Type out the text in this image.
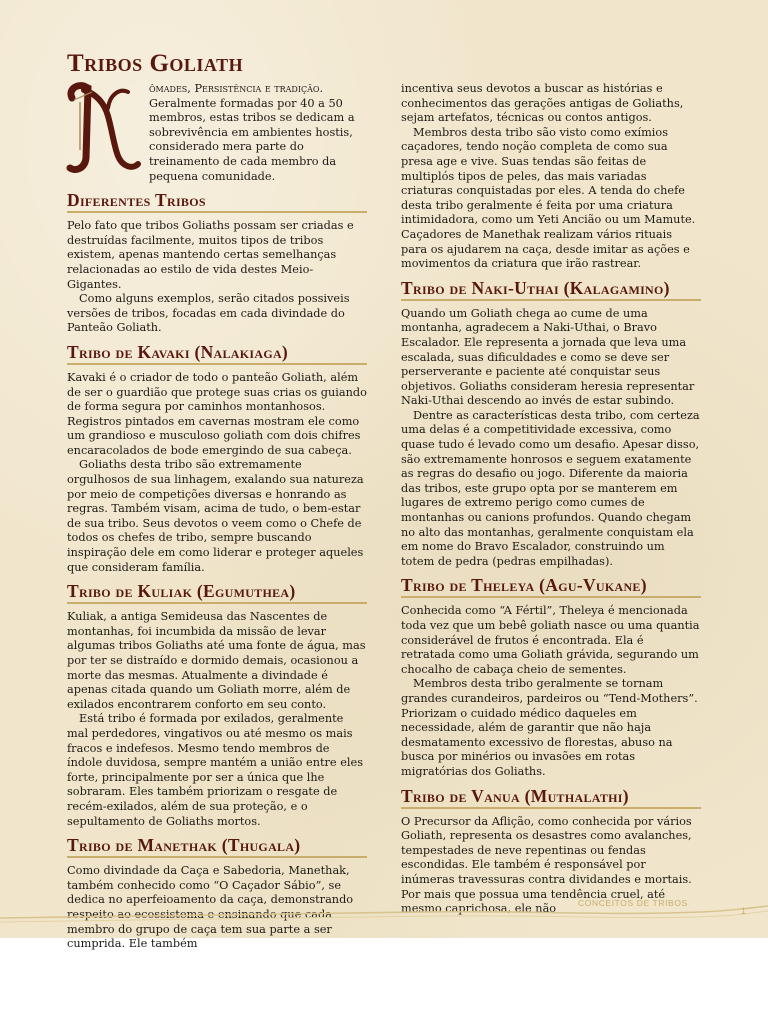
Tribos Goliath
ômades, Persistência e tradição. Geralmente formadas por 40 a 50 membros, estas tribos se dedicam a sobrevivência em ambientes hostis, considerado mera parte do treinamento de cada membro da pequena comunidade.
Diferentes Tribos

Pelo fato que tribos Goliaths possam ser criadas e destruídas facilmente, muitos tipos de tribos existem, apenas mantendo certas semelhanças relacionadas ao estilo de vida destes Meio-Gigantes.

Como alguns exemplos, serão citados possiveis versões de tribos, focadas em cada divindade do Panteão Goliath.

Tribo de Kavaki (Nalakiaga)

Kavaki é o criador de todo o panteão Goliath, além de ser o guardião que protege suas crias os guiando de forma segura por caminhos montanhosos. Registros pintados em cavernas mostram ele como um grandioso e musculoso goliath com dois chifres encaracolados de bode emergindo de sua cabeça.

Goliaths desta tribo são extremamente orgulhosos de sua linhagem, exalando sua natureza por meio de competições diversas e honrando as regras. Também visam, acima de tudo, o bem-estar de sua tribo. Seus devotos o veem como o Chefe de todos os chefes de tribo, sempre buscando inspiração dele em como liderar e proteger aqueles que consideram família.

Tribo de Kuliak (Egumuthea)

Kuliak, a antiga Semideusa das Nascentes de montanhas, foi incumbida da missão de levar algumas tribos Goliaths até uma fonte de água, mas por ter se distraído e dormido demais, ocasionou a morte das mesmas. Atualmente a divindade é apenas citada quando um Goliath morre, além de exilados encontrarem conforto em seu conto.

Está tribo é formada por exilados, geralmente mal perdedores, vingativos ou até mesmo os mais fracos e indefesos. Mesmo tendo membros de índole duvidosa, sempre mantém a união entre eles forte, principalmente por ser a única que lhe sobraram. Eles também priorizam o resgate de recém-exilados, além de sua proteção, e o sepultamento de Goliaths mortos.

Tribo de Manethak (Thugala)

Como divindade da Caça e Sabedoria, Manethak, também conhecido como “O Caçador Sábio”, se dedica no aperfeioamento da caça, demonstrando respeito ao ecossistema e ensinando que cada membro do grupo de caça tem sua parte a ser cumprida. Ele também

incentiva seus devotos a buscar as histórias e conhecimentos das gerações antigas de Goliaths, sejam artefatos, técnicas ou contos antigos.

Membros desta tribo são visto como exímios caçadores, tendo noção completa de como sua presa age e vive. Suas tendas são feitas de multiplós tipos de peles, das mais variadas criaturas conquistadas por eles. A tenda do chefe desta tribo geralmente é feita por uma criatura intimidadora, como um Yeti Ancião ou um Mamute. Caçadores de Manethak realizam vários rituais para os ajudarem na caça, desde imitar as ações e movimentos da criatura que irão rastrear.

Tribo de Naki-Uthai (Kalagamino)

Quando um Goliath chega ao cume de uma montanha, agradecem a Naki-Uthai, o Bravo Escalador. Ele representa a jornada que leva uma escalada, suas dificuldades e como se deve ser perserverante e paciente até conquistar seus objetivos. Goliaths consideram heresia representar Naki-Uthai descendo ao invés de estar subindo.

Dentre as características desta tribo, com certeza uma delas é a competitividade excessiva, como quase tudo é levado como um desafio. Apesar disso, são extremamente honrosos e seguem exatamente as regras do desafio ou jogo. Diferente da maioria das tribos, este grupo opta por se manterem em lugares de extremo perigo como cumes de montanhas ou canions profundos. Quando chegam no alto das montanhas, geralmente conquistam ela em nome do Bravo Escalador, construindo um totem de pedra (pedras empilhadas).

Tribo de Theleya (Agu-Vukane)

Conhecida como “A Fértil”, Theleya é mencionada toda vez que um bebê goliath nasce ou uma quantia considerável de frutos é encontrada. Ela é retratada como uma Goliath grávida, segurando um chocalho de cabaça cheio de sementes.

Membros desta tribo geralmente se tornam grandes curandeiros, pardeiros ou “Tend-Mothers”. Priorizam o cuidado médico daqueles em necessidade, além de garantir que não haja desmatamento excessivo de florestas, abuso na busca por minérios ou invasões em rotas migratórias dos Goliaths.

Tribo de Vanua (Muthalathi)

O Precursor da Aflição, como conhecida por vários Goliath, representa os desastres como avalanches, tempestades de neve repentinas ou fendas escondidas. Ele também é responsável por inúmeras travessuras contra dividandes e mortais. Por mais que possua uma tendência cruel, até mesmo caprichosa, ele não	CONCEITOS DE TRIBOS
1
